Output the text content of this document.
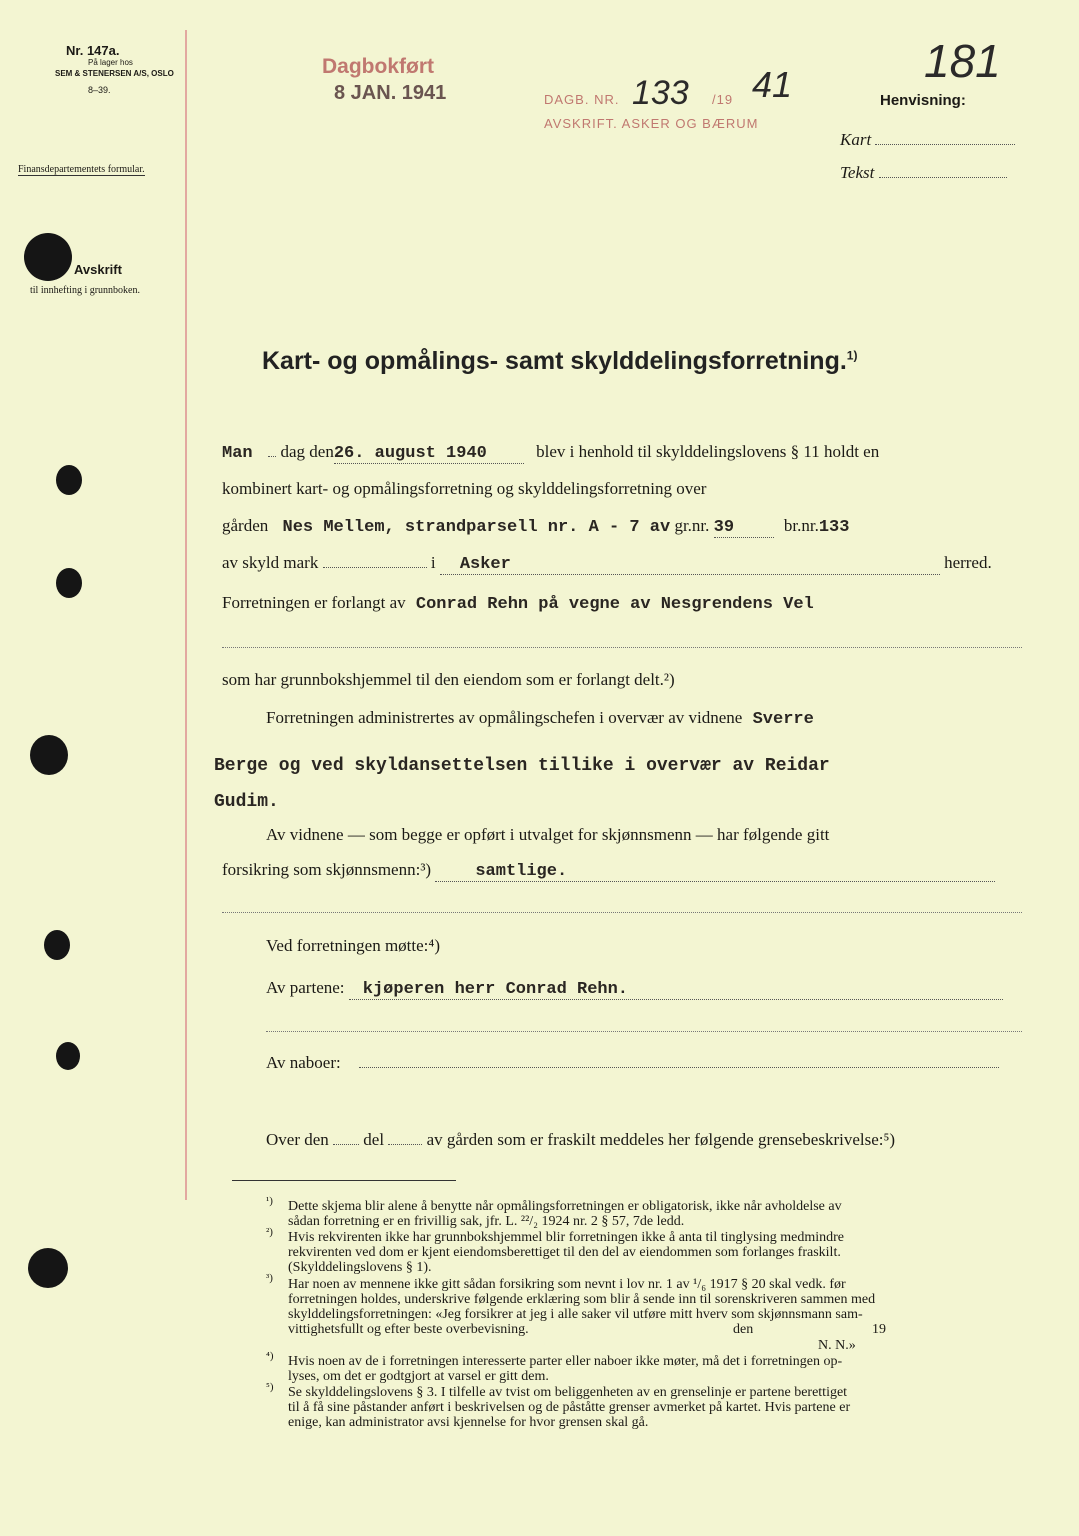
Nr. 147a.
På lager hos
SEM & STENERSEN A/S, OSLO
8–39.
Finansdepartementets formular.
Dagbokført
8 JAN. 1941	DAGB. NR. 133 /19 41
AVSKRIFT. ASKER OG BÆRUM
181
Henvisning:
Kart
Tekst
Avskrift
til innhefting i grunnboken.
Kart- og opmålings- samt skylddelingsforretning.$^{1)}$
Man dag den26. august 1940	blev i henhold til skylddelingslovens § 11 holdt en
kombinert kart- og opmålingsforretning og skylddelingsforretning over
gården Nes Mellem, strandparsell nr. A - 7 av gr.nr. 39	br.nr.133
av skyld mark	i Asker	herred.
Forretningen er forlangt av Conrad Rehn på vegne av Nesgrendens Vel
som har grunnbokshjemmel til den eiendom som er forlangt delt.²)
Forretningen administrertes av opmålingschefen i overvær av vidnene Sverre
Berge og ved skyldansettelsen tillike i overvær av Reidar
Gudim.
Av vidnene — som begge er opført i utvalget for skjønnsmenn — har følgende gitt
forsikring som skjønnsmenn:³)	samtlige.
Ved forretningen møtte:⁴)
Av partene: kjøperen herr Conrad Rehn.
Av naboer:
Over den del	av gården som er fraskilt meddeles her følgende grensebeskrivelse:⁵)
¹) Dette skjema blir alene å benytte når opmålingsforretningen er obligatorisk, ikke når avholdelse av
sådan forretning er en frivillig sak, jfr. L. ²²/₂ 1924 nr. 2 § 57, 7de ledd.
²) Hvis rekvirenten ikke har grunnbokshjemmel blir forretningen ikke å anta til tinglysing medmindre
rekvirenten ved dom er kjent eiendomsberettiget til den del av eiendommen som forlanges fraskilt.
(Skylddelingslovens § 1).
³) Har noen av mennene ikke gitt sådan forsikring som nevnt i lov nr. 1 av ¹/₆ 1917 § 20 skal vedk. før
forretningen holdes, underskrive følgende erklæring som blir å sende inn til sorenskriveren sammen med
skylddelingsforretningen: «Jeg forsikrer at jeg i alle saker vil utføre mitt hverv som skjønnsmann sam-
vittighetsfullt og efter beste overbevisning.	den	19
N. N.»
⁴) Hvis noen av de i forretningen interesserte parter eller naboer ikke møter, må det i forretningen op-
lyses, om det er godtgjort at varsel er gitt dem.
⁵) Se skylddelingslovens § 3. I tilfelle av tvist om beliggenheten av en grenselinje er partene berettiget
til å få sine påstander anført i beskrivelsen og de påståtte grenser avmerket på kartet. Hvis partene er
enige, kan administrator avsi kjennelse for hvor grensen skal gå.
